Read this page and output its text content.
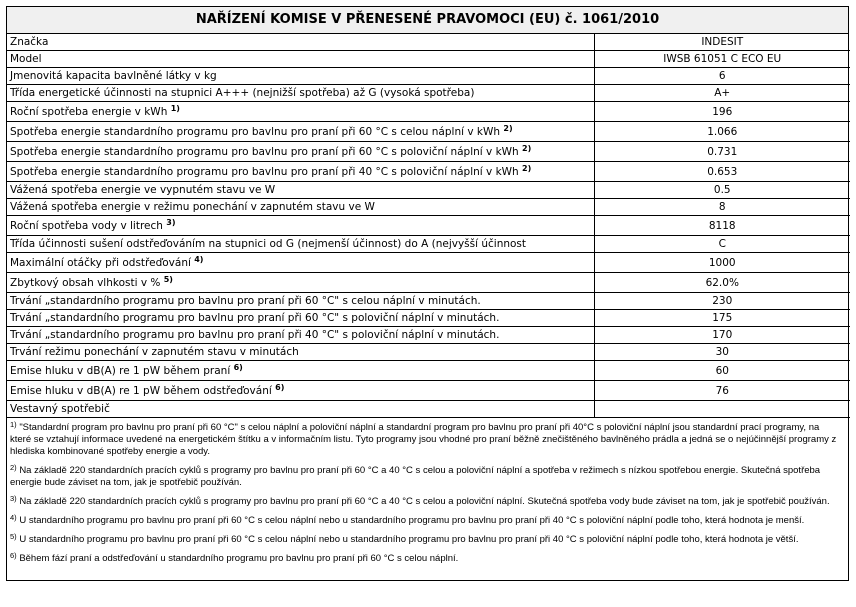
NAŘÍZENÍ KOMISE V PŘENESENÉ PRAVOMOCI (EU) č. 1061/2010
Značka	INDESIT
Model	IWSB 61051 C ECO EU
Jmenovitá kapacita bavlněné látky v kg	6
Třída energetické účinnosti na stupnici A+++ (nejnižší spotřeba) až G (vysoká spotřeba)	A+
Roční spotřeba energie v kWh $^{1)}$	196
Spotřeba energie standardního programu pro bavlnu pro praní při 60 °C s celou náplní v kWh $^{2)}$	1.066
Spotřeba energie standardního programu pro bavlnu pro praní při 60 °C s poloviční náplní v kWh $^{2)}$	0.731
Spotřeba energie standardního programu pro bavlnu pro praní při 40 °C s poloviční náplní v kWh $^{2)}$	0.653
Vážená spotřeba energie ve vypnutém stavu ve W	0.5
Vážená spotřeba energie v režimu ponechání v zapnutém stavu ve W	8
Roční spotřeba vody v litrech $^{3)}$	8118
Třída účinnosti sušení odstřeďováním na stupnici od G (nejmenší účinnost) do A (nejvyšší účinnost	C
Maximální otáčky při odstřeďování $^{4)}$	1000
Zbytkový obsah vlhkosti v % $^{5)}$	62.0%
Trvání „standardního programu pro bavlnu pro praní při 60 °C" s celou náplní v minutách.	230
Trvání „standardního programu pro bavlnu pro praní při 60 °C" s poloviční náplní v minutách.	175
Trvání „standardního programu pro bavlnu pro praní při 40 °C" s poloviční náplní v minutách.	170
Trvání režimu ponechání v zapnutém stavu v minutách	30
Emise hluku v dB(A) re 1 pW během praní $^{6)}$	60
Emise hluku v dB(A) re 1 pW během odstřeďování $^{6)}$	76
Vestavný spotřebič	
$^{1)}$ "Standardní program pro bavlnu pro praní při 60 °C" s celou náplní a poloviční náplní a standardní program pro bavlnu pro praní při 40°C s poloviční náplní jsou standardní prací programy, na které se vztahují informace uvedené na energetickém štítku a v informačním listu. Tyto programy jsou vhodné pro praní běžně znečištěného bavlněného prádla a jedná se o nejúčinnější programy z hlediska kombinované spotřeby energie a vody.
$^{2)}$ Na základě 220 standardních pracích cyklů s programy pro bavlnu pro praní při 60 °C a 40 °C s celou a poloviční náplní a spotřeba v režimech s nízkou spotřebou energie. Skutečná spotřeba energie bude záviset na tom, jak je spotřebič používán.
$^{3)}$ Na základě 220 standardních pracích cyklů s programy pro bavlnu pro praní při 60 °C a 40 °C s celou a poloviční náplní. Skutečná spotřeba vody bude záviset na tom, jak je spotřebič používán.
$^{4)}$ U standardního programu pro bavlnu pro praní při 60 °C s celou náplní nebo u standardního programu pro bavlnu pro praní při 40 °C s poloviční náplní podle toho, která hodnota je menší.
$^{5)}$ U standardního programu pro bavlnu pro praní při 60 °C s celou náplní nebo u standardního programu pro bavlnu pro praní při 40 °C s poloviční náplní podle toho, která hodnota je větší.
$^{6)}$ Během fází praní a odstřeďování u standardního programu pro bavlnu pro praní při 60 °C s celou náplní.
